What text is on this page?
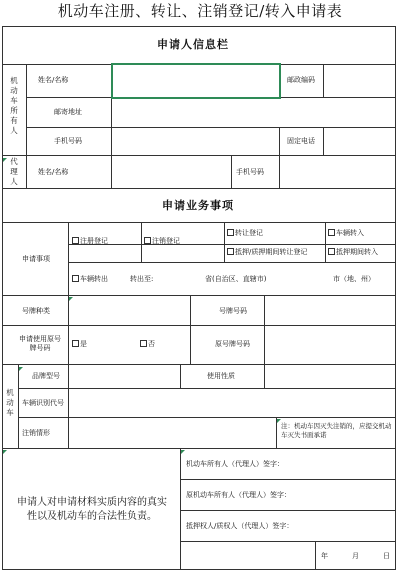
机动车注册、转让、注销登记/转入申请表
申请人信息栏
机动车所有人
姓名/名称	邮政编码
邮寄地址
手机号码	固定电话
代理人
姓名/名称	手机号码
申请业务事项
申请事项
注册登记	注销登记
转让登记	车辆转入
抵押/质押期间转让登记	抵押期间转入
车辆转出	转出至:	省(自治区、直辖市)	市（地、州）
号牌种类	号牌号码
申请使用原号牌号码	是	否	原号牌号码
机动车
品牌型号	使用性质
车辆识别代号
注销情形
注：机动车因灭失注销的，应提交机动车灭失书面承诺
申请人对申请材料实质内容的真实性以及机动车的合法性负责。
机动车所有人（代理人）签字：
原机动车所有人（代理人）签字：
抵押权人/质权人（代理人）签字：
年	月	日
